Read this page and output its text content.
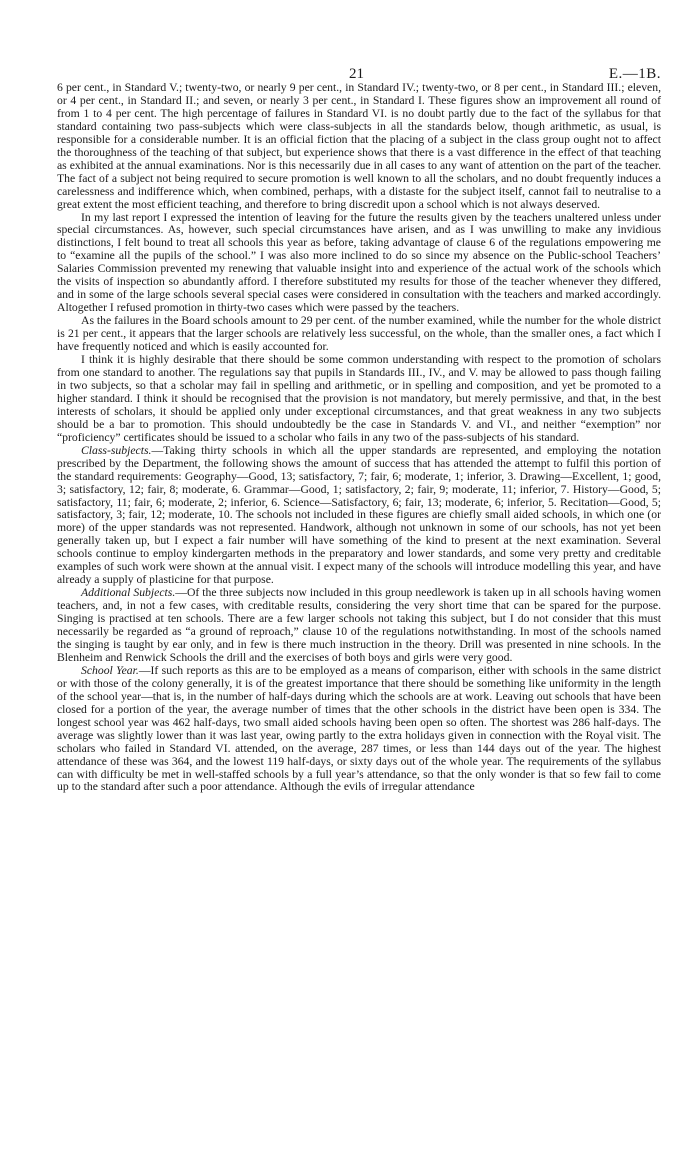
21	E.—1B.

6 per cent., in Standard V.; twenty-two, or nearly 9 per cent., in Standard IV.; twenty-two, or 8 per cent., in Standard III.; eleven, or 4 per cent., in Standard II.; and seven, or nearly 3 per cent., in Standard I. These figures show an improvement all round of from 1 to 4 per cent. The high percentage of failures in Standard VI. is no doubt partly due to the fact of the syllabus for that standard containing two pass-subjects which were class-subjects in all the standards below, though arithmetic, as usual, is responsible for a considerable number. It is an official fiction that the placing of a subject in the class group ought not to affect the thoroughness of the teaching of that subject, but experience shows that there is a vast difference in the effect of that teaching as exhibited at the annual examinations. Nor is this necessarily due in all cases to any want of attention on the part of the teacher. The fact of a subject not being required to secure promotion is well known to all the scholars, and no doubt frequently induces a carelessness and indifference which, when combined, perhaps, with a distaste for the subject itself, cannot fail to neutralise to a great extent the most efficient teaching, and therefore to bring discredit upon a school which is not always deserved.

In my last report I expressed the intention of leaving for the future the results given by the teachers unaltered unless under special circumstances. As, however, such special circumstances have arisen, and as I was unwilling to make any invidious distinctions, I felt bound to treat all schools this year as before, taking advantage of clause 6 of the regulations empowering me to “examine all the pupils of the school.” I was also more inclined to do so since my absence on the Public-school Teachers’ Salaries Commission prevented my renewing that valuable insight into and experience of the actual work of the schools which the visits of inspection so abundantly afford. I therefore substituted my results for those of the teacher whenever they differed, and in some of the large schools several special cases were considered in consultation with the teachers and marked accordingly. Altogether I refused promotion in thirty-two cases which were passed by the teachers.

As the failures in the Board schools amount to 29 per cent. of the number examined, while the number for the whole district is 21 per cent., it appears that the larger schools are relatively less successful, on the whole, than the smaller ones, a fact which I have frequently noticed and which is easily accounted for.

I think it is highly desirable that there should be some common understanding with respect to the promotion of scholars from one standard to another. The regulations say that pupils in Standards III., IV., and V. may be allowed to pass though failing in two subjects, so that a scholar may fail in spelling and arithmetic, or in spelling and composition, and yet be promoted to a higher standard. I think it should be recognised that the provision is not mandatory, but merely permissive, and that, in the best interests of scholars, it should be applied only under exceptional circumstances, and that great weakness in any two subjects should be a bar to promotion. This should undoubtedly be the case in Standards V. and VI., and neither “exemption” nor “proficiency” certificates should be issued to a scholar who fails in any two of the pass-subjects of his standard.

Class-subjects.—Taking thirty schools in which all the upper standards are represented, and employing the notation prescribed by the Department, the following shows the amount of success that has attended the attempt to fulfil this portion of the standard requirements: Geography—Good, 13; satisfactory, 7; fair, 6; moderate, 1; inferior, 3. Drawing—Excellent, 1; good, 3; satisfactory, 12; fair, 8; moderate, 6. Grammar—Good, 1; satisfactory, 2; fair, 9; moderate, 11; inferior, 7. History—Good, 5; satisfactory, 11; fair, 6; moderate, 2; inferior, 6. Science—Satisfactory, 6; fair, 13; moderate, 6; inferior, 5. Recitation—Good, 5; satisfactory, 3; fair, 12; moderate, 10. The schools not included in these figures are chiefly small aided schools, in which one (or more) of the upper standards was not represented. Handwork, although not unknown in some of our schools, has not yet been generally taken up, but I expect a fair number will have something of the kind to present at the next examination. Several schools continue to employ kindergarten methods in the preparatory and lower standards, and some very pretty and creditable examples of such work were shown at the annual visit. I expect many of the schools will introduce modelling this year, and have already a supply of plasticine for that purpose.

Additional Subjects.—Of the three subjects now included in this group needlework is taken up in all schools having women teachers, and, in not a few cases, with creditable results, considering the very short time that can be spared for the purpose. Singing is practised at ten schools. There are a few larger schools not taking this subject, but I do not consider that this must necessarily be regarded as “a ground of reproach,” clause 10 of the regulations notwithstanding. In most of the schools named the singing is taught by ear only, and in few is there much instruction in the theory. Drill was presented in nine schools. In the Blenheim and Renwick Schools the drill and the exercises of both boys and girls were very good.

School Year.—If such reports as this are to be employed as a means of comparison, either with schools in the same district or with those of the colony generally, it is of the greatest importance that there should be something like uniformity in the length of the school year—that is, in the number of half-days during which the schools are at work. Leaving out schools that have been closed for a portion of the year, the average number of times that the other schools in the district have been open is 334. The longest school year was 462 half-days, two small aided schools having been open so often. The shortest was 286 half-days. The average was slightly lower than it was last year, owing partly to the extra holidays given in connection with the Royal visit. The scholars who failed in Standard VI. attended, on the average, 287 times, or less than 144 days out of the year. The highest attendance of these was 364, and the lowest 119 half-days, or sixty days out of the whole year. The requirements of the syllabus can with difficulty be met in well-staffed schools by a full year’s attendance, so that the only wonder is that so few fail to come up to the standard after such a poor attendance. Although the evils of irregular attendance
